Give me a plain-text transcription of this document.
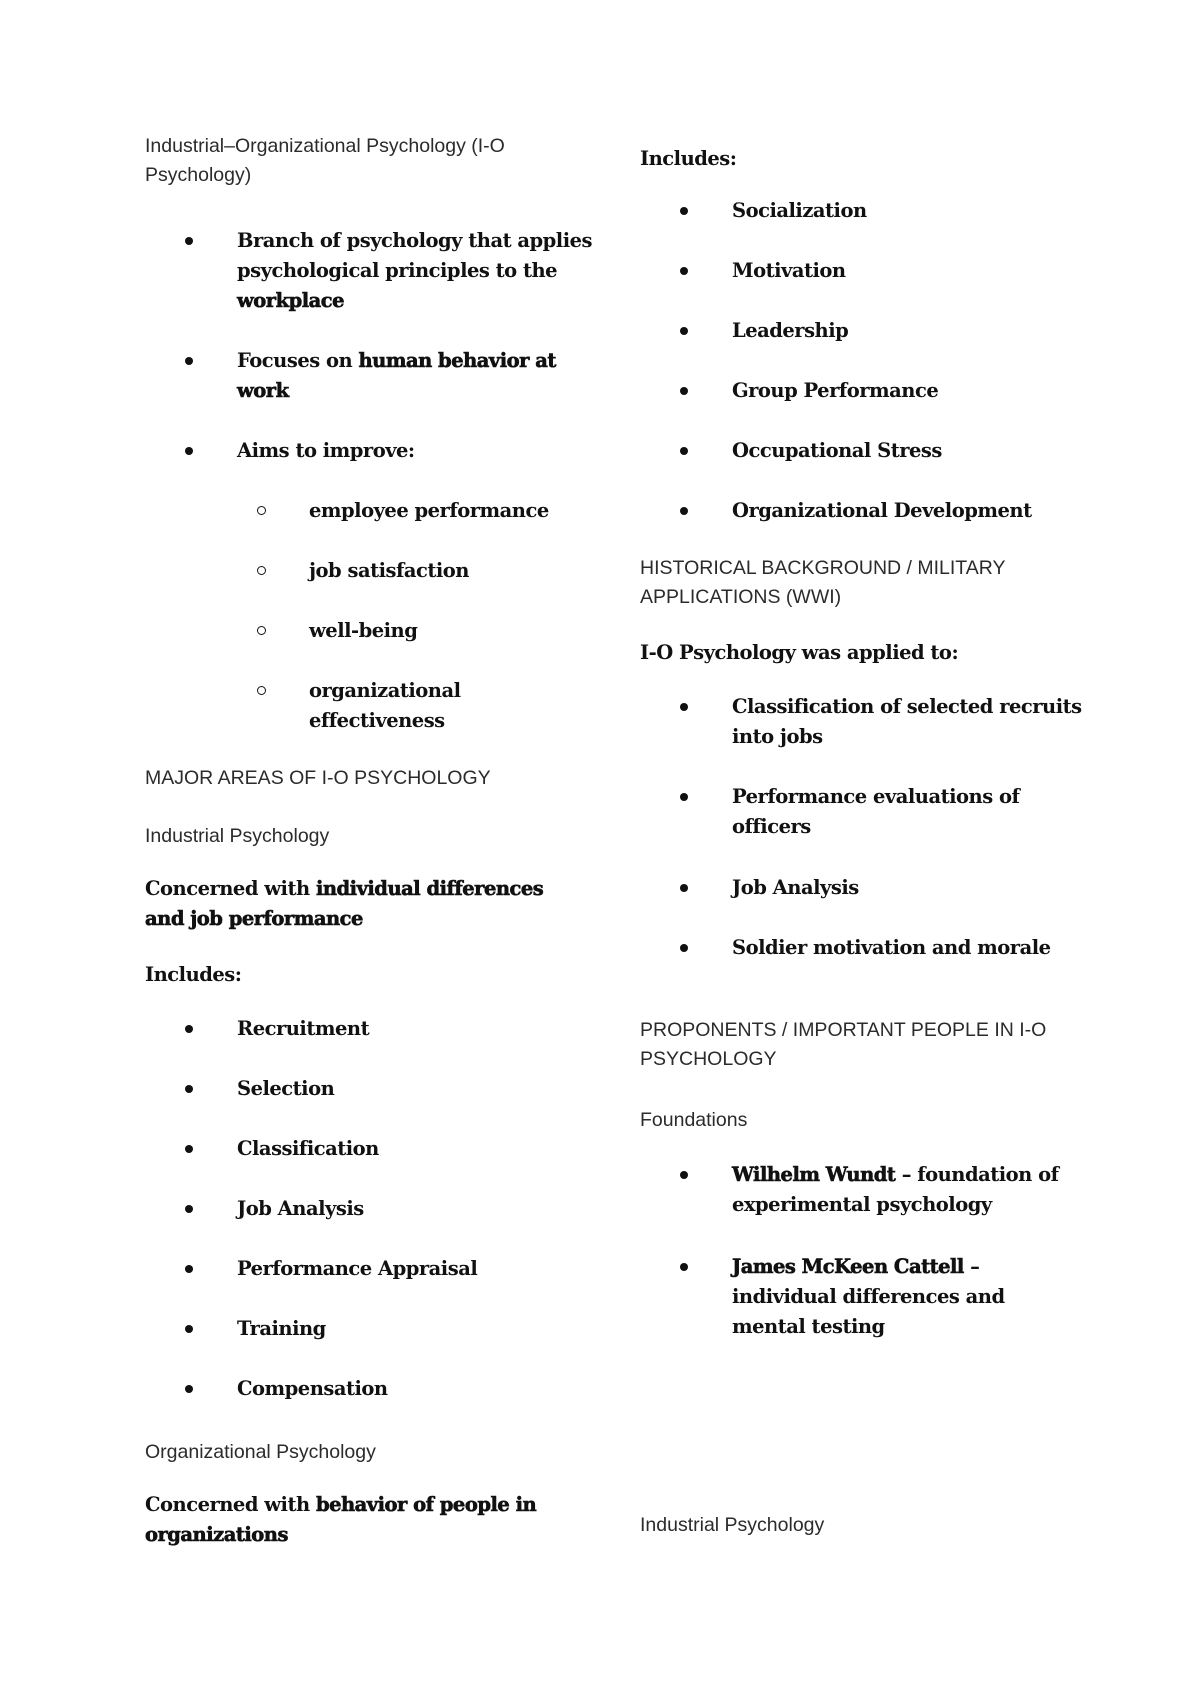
Industrial–Organizational Psychology (I-O Psychology)
Branch of psychology that applies psychological principles to the workplace
Focuses on human behavior at work
Aims to improve:
employee performance
job satisfaction
well-being
organizational effectiveness
MAJOR AREAS OF I-O PSYCHOLOGY
Industrial Psychology
Concerned with individual differences and job performance
Includes:
Recruitment
Selection
Classification
Job Analysis
Performance Appraisal
Training
Compensation
Organizational Psychology
Concerned with behavior of people in organizations
Includes:
Socialization
Motivation
Leadership
Group Performance
Occupational Stress
Organizational Development
HISTORICAL BACKGROUND / MILITARY APPLICATIONS (WWI)
I-O Psychology was applied to:
Classification of selected recruits into jobs
Performance evaluations of officers
Job Analysis
Soldier motivation and morale
PROPONENTS / IMPORTANT PEOPLE IN I-O PSYCHOLOGY
Foundations
Wilhelm Wundt – foundation of experimental psychology
James McKeen Cattell – individual differences and mental testing
Industrial Psychology
